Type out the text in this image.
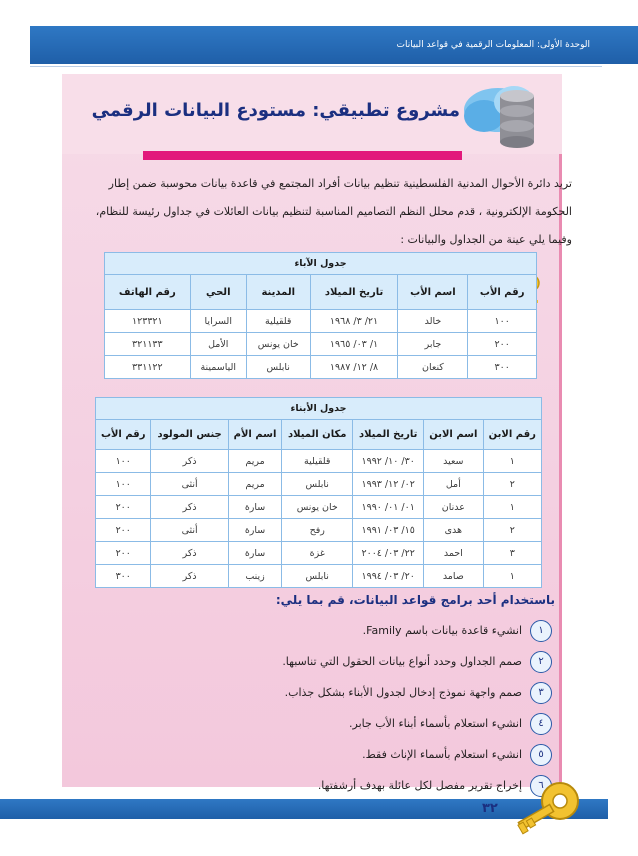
الوحدة الأولى: المعلومات الرقمية في قواعد البيانات
مشروع تطبيقي: مستودع البيانات الرقمي

تريد دائرة الأحوال المدنية الفلسطينية تنظيم بيانات أفراد المجتمع في قاعدة بيانات محوسبة ضمن إطار

الحكومة الإلكترونية ، قدم محلل النظم التصاميم المناسبة لتنظيم بيانات العائلات في جداول رئيسة للنظام،

وفيما يلي عينة من الجداول والبيانات :

جدول الآباء					
رقم الأب	اسم الأب	تاريخ الميلاد	المدينة	الحي	رقم الهاتف
١٠٠	خالد	٢١/ ٣/ ١٩٦٨	قلقيلية	السرايا	١٢٣٣٢١
٢٠٠	جابر	١/ ٠٣/ ١٩٦٥	خان يونس	الأمل	٣٢١١٣٣
٣٠٠	كنعان	٨/ ١٢/ ١٩٨٧	نابلس	الياسمينة	٣٣١١٢٢
جدول الأبناء						
رقم الابن	اسم الابن	تاريخ الميلاد	مكان الميلاد	اسم الأم	جنس المولود	رقم الأب
١	سعيد	٣٠/ ١٠/ ١٩٩٢	قلقيلية	مريم	ذكر	١٠٠
٢	أمل	٠٢/ ١٢/ ١٩٩٣	نابلس	مريم	أنثى	١٠٠
١	عدنان	٠١/ ٠١/ ١٩٩٠	خان يونس	سارة	ذكر	٢٠٠
٢	هدى	١٥/ ٠٣/ ١٩٩١	رفح	سارة	أنثى	٢٠٠
٣	احمد	٢٢/ ٠٣/ ٢٠٠٤	غزة	سارة	ذكر	٢٠٠
١	صامد	٢٠/ ٠٣/ ١٩٩٤	نابلس	زينب	ذكر	٣٠٠
باستخدام أحد برامج قواعد البيانات، قم بما يلي:
١
انشيء قاعدة بيانات باسم Family.
٢
صمم الجداول وحدد أنواع بيانات الحقول التي تناسبها.
٣
صمم واجهة نموذج إدخال لجدول الأبناء بشكل جذاب.
٤
انشيء استعلام بأسماء أبناء الأب جابر.
٥
انشيء استعلام بأسماء الإناث فقط.
٦
إخراج تقرير مفصل لكل عائلة بهدف أرشفتها.
٣٢
